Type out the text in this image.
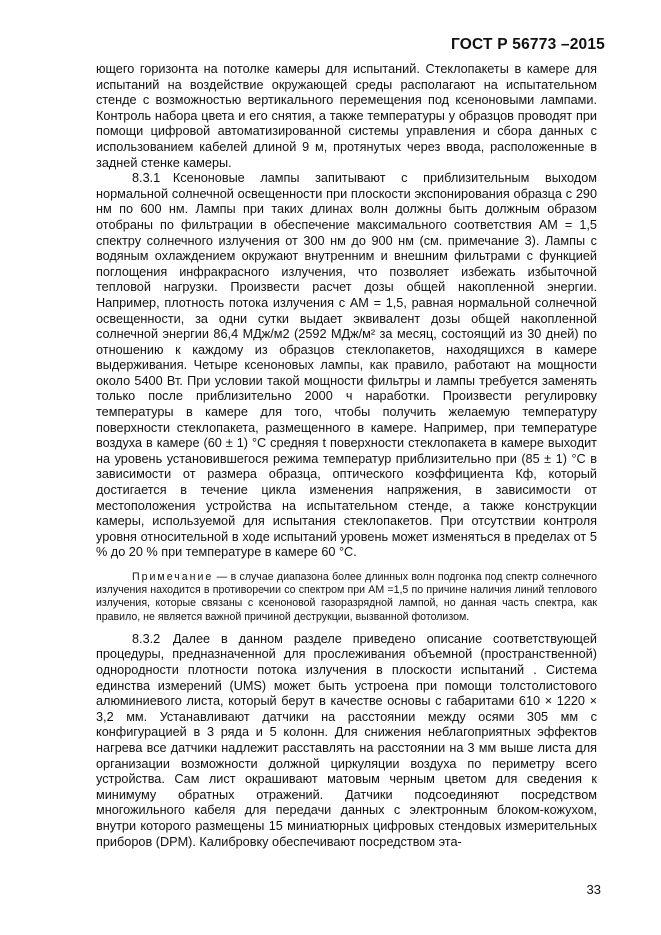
ГОСТ Р 56773 –2015

ющего горизонта на потолке камеры для испытаний. Стеклопакеты в камере для испытаний на воздействие окружающей среды располагают на испытательном стенде с возможностью вертикального перемещения под ксеноновыми лампами. Контроль набора цвета и его снятия, а также температуры у образцов проводят при помощи цифровой автоматизированной системы управления и сбора данных с использованием кабелей длиной 9 м, протянутых через ввода, расположенные в задней стенке камеры.

8.3.1 Ксеноновые лампы запитывают с приблизительным выходом нормальной солнечной освещенности при плоскости экспонирования образца с 290 нм по 600 нм. Лампы при таких длинах волн должны быть должным образом отобраны по фильтрации в обеспечение максимального соответствия АМ = 1,5 спектру солнечного излучения от 300 нм до 900 нм (см. примечание 3). Лампы с водяным охлаждением окружают внутренним и внешним фильтрами с функцией поглощения инфракрасного излучения, что позволяет избежать избыточной тепловой нагрузки. Произвести расчет дозы общей накопленной энергии. Например, плотность потока излучения с АМ = 1,5, равная нормальной солнечной освещенности, за одни сутки выдает эквивалент дозы общей накопленной солнечной энергии 86,4 МДж/м2 (2592 МДж/м² за месяц, состоящий из 30 дней) по отношению к каждому из образцов стеклопакетов, находящихся в камере выдерживания. Четыре ксеноновых лампы, как правило, работают на мощности около 5400 Вт. При условии такой мощности фильтры и лампы требуется заменять только после приблизительно 2000 ч наработки. Произвести регулировку температуры в камере для того, чтобы получить желаемую температуру поверхности стеклопакета, размещенного в камере. Например, при температуре воздуха в камере (60 ± 1) °С средняя t поверхности стеклопакета в камере выходит на уровень установившегося режима температур приблизительно при (85 ± 1) °С в зависимости от размера образца, оптического коэффициента Кф, который достигается в течение цикла изменения напряжения, в зависимости от местоположения устройства на испытательном стенде, а также конструкции камеры, используемой для испытания стеклопакетов. При отсутствии контроля уровня относительной в ходе испытаний уровень может изменяться в пределах от 5 % до 20 % при температуре в камере 60 °С.

Примечание — в случае диапазона более длинных волн подгонка под спектр солнечного излучения находится в противоречии со спектром при АМ =1,5 по причине наличия линий теплового излучения, которые связаны с ксеноновой газоразрядной лампой, но данная часть спектра, как правило, не является важной причиной деструкции, вызванной фотолизом.

8.3.2 Далее в данном разделе приведено описание соответствующей процедуры, предназначенной для прослеживания объемной (пространственной) однородности плотности потока излучения в плоскости испытаний . Система единства измерений (UMS) может быть устроена при помощи толстолистового алюминиевого листа, который берут в качестве основы с габаритами 610 × 1220 × 3,2 мм. Устанавливают датчики на расстоянии между осями 305 мм с конфигурацией в 3 ряда и 5 колонн. Для снижения неблагоприятных эффектов нагрева все датчики надлежит расставлять на расстоянии на 3 мм выше листа для организации возможности должной циркуляции воздуха по периметру всего устройства. Сам лист окрашивают матовым черным цветом для сведения к минимуму обратных отражений. Датчики подсоединяют посредством многожильного кабеля для передачи данных с электронным блоком-кожухом, внутри которого размещены 15 миниатюрных цифровых стендовых измерительных приборов (DPM). Калибровку обеспечивают посредством эта-

33
